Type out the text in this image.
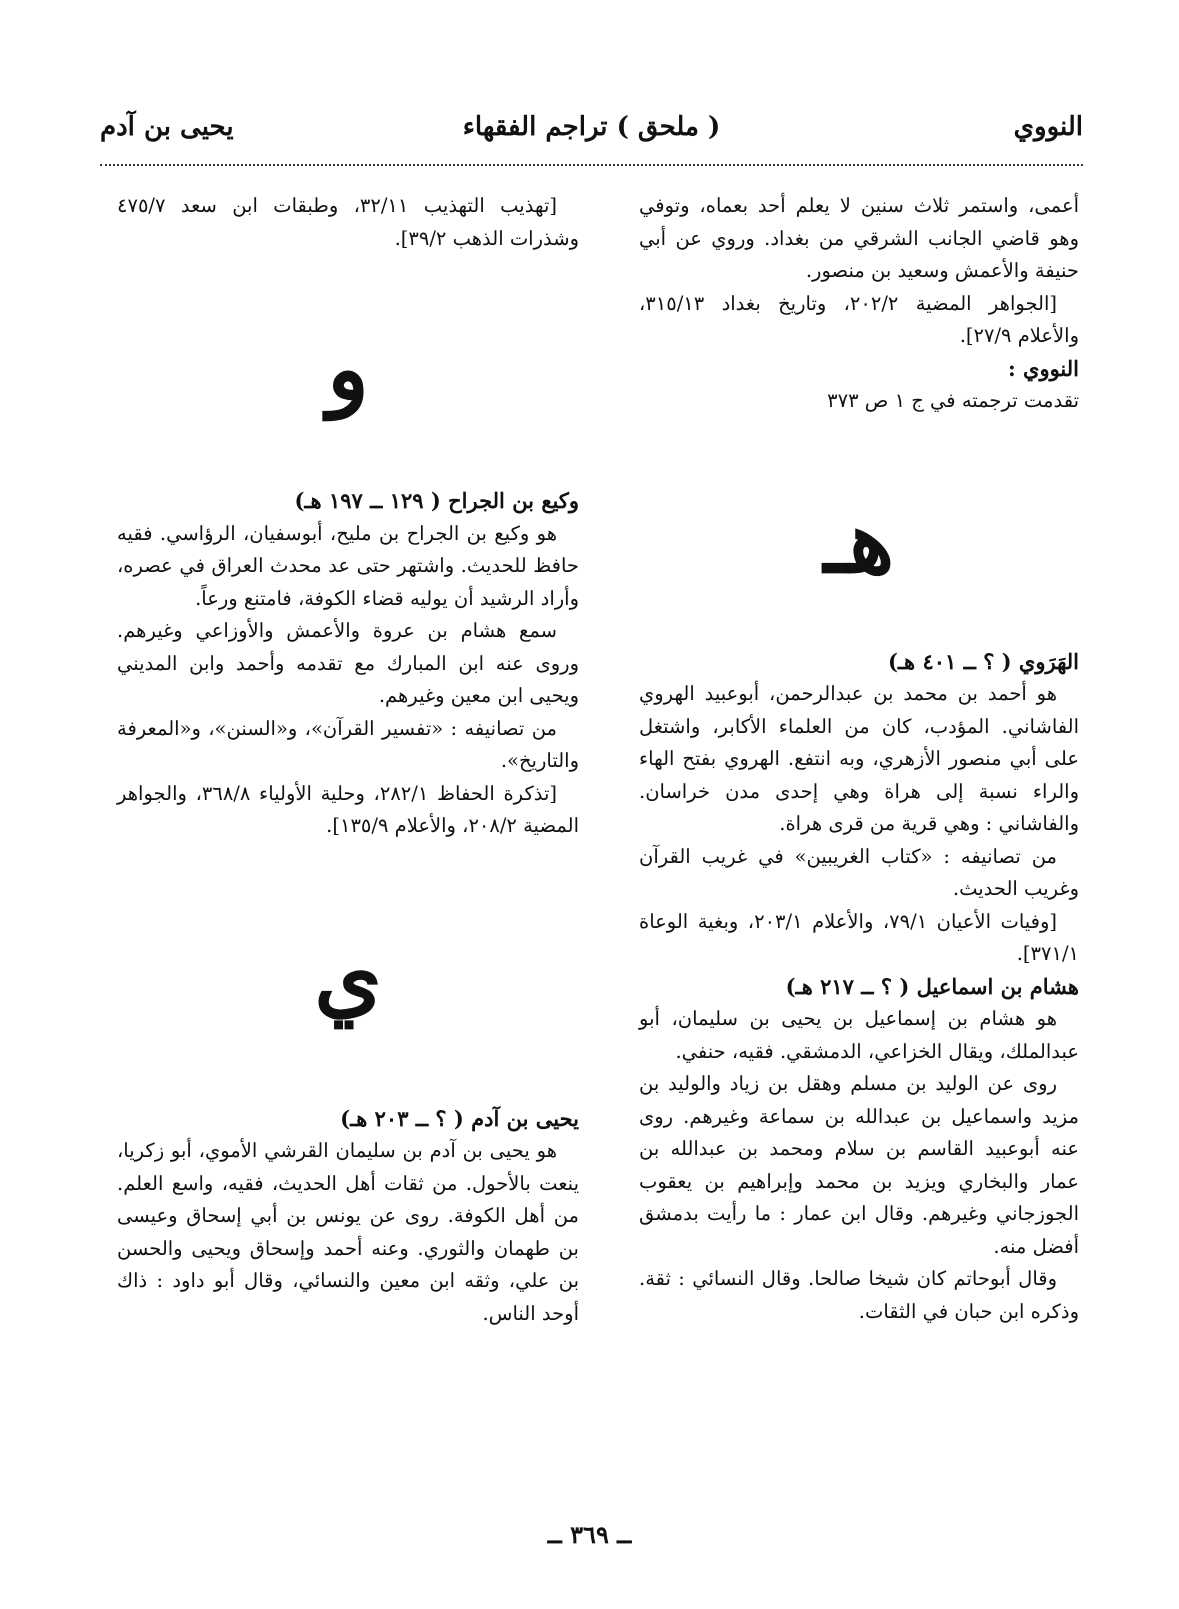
النووي
( ملحق ) تراجم الفقهاء
يحيى بن آدم

أعمى، واستمر ثلاث سنين لا يعلم أحد بعماه، وتوفي وهو قاضي الجانب الشرقي من بغداد. وروي عن أبي حنيفة والأعمش وسعيد بن منصور.

[الجواهر المضية ٢٠٢/٢، وتاريخ بغداد ٣١٥/١٣، والأعلام ٢٧/٩].

النووي :

تقدمت ترجمته في ج ١ ص ٣٧٣

هـ

الهَرَوي ( ؟ ــ ٤٠١ هـ)

هو أحمد بن محمد بن عبدالرحمن، أبوعبيد الهروي الفاشاني. المؤدب، كان من العلماء الأكابر، واشتغل على أبي منصور الأزهري، وبه انتفع. الهروي بفتح الهاء والراء نسبة إلى هراة وهي إحدى مدن خراسان. والفاشاني : وهي قرية من قرى هراة.

من تصانيفه : «كتاب الغريبين» في غريب القرآن وغريب الحديث.

[وفيات الأعيان ٧٩/١، والأعلام ٢٠٣/١، وبغية الوعاة ٣٧١/١].

هشام بن اسماعيل ( ؟ ــ ٢١٧ هـ)

هو هشام بن إسماعيل بن يحيى بن سليمان، أبو عبدالملك، ويقال الخزاعي، الدمشقي. فقيه، حنفي.

روى عن الوليد بن مسلم وهقل بن زياد والوليد بن مزيد واسماعيل بن عبدالله بن سماعة وغيرهم. روى عنه أبوعبيد القاسم بن سلام ومحمد بن عبدالله بن عمار والبخاري ويزيد بن محمد وإبراهيم بن يعقوب الجوزجاني وغيرهم. وقال ابن عمار : ما رأيت بدمشق أفضل منه.

وقال أبوحاتم كان شيخا صالحا. وقال النسائي : ثقة. وذكره ابن حبان في الثقات.

[تهذيب التهذيب ٣٢/١١، وطبقات ابن سعد ٤٧٥/٧ وشذرات الذهب ٣٩/٢].

و

وكيع بن الجراح ( ١٢٩ ــ ١٩٧ هـ)

هو وكيع بن الجراح بن مليح، أبوسفيان، الرؤاسي. فقيه حافظ للحديث. واشتهر حتى عد محدث العراق في عصره، وأراد الرشيد أن يوليه قضاء الكوفة، فامتنع ورعاً.

سمع هشام بن عروة والأعمش والأوزاعي وغيرهم. وروى عنه ابن المبارك مع تقدمه وأحمد وابن المديني ويحيى ابن معين وغيرهم.

من تصانيفه : «تفسير القرآن»، و«السنن»، و«المعرفة والتاريخ».

[تذكرة الحفاظ ٢٨٢/١، وحلية الأولياء ٣٦٨/٨، والجواهر المضية ٢٠٨/٢، والأعلام ١٣٥/٩].

ي

يحيى بن آدم ( ؟ ــ ٢٠٣ هـ)

هو يحيى بن آدم بن سليمان القرشي الأموي، أبو زكريا، ينعت بالأحول. من ثقات أهل الحديث، فقيه، واسع العلم. من أهل الكوفة. روى عن يونس بن أبي إسحاق وعيسى بن طهمان والثوري. وعنه أحمد وإسحاق ويحيى والحسن بن علي، وثقه ابن معين والنسائي، وقال أبو داود : ذاك أوحد الناس.

ــ ٣٦٩ ــ
